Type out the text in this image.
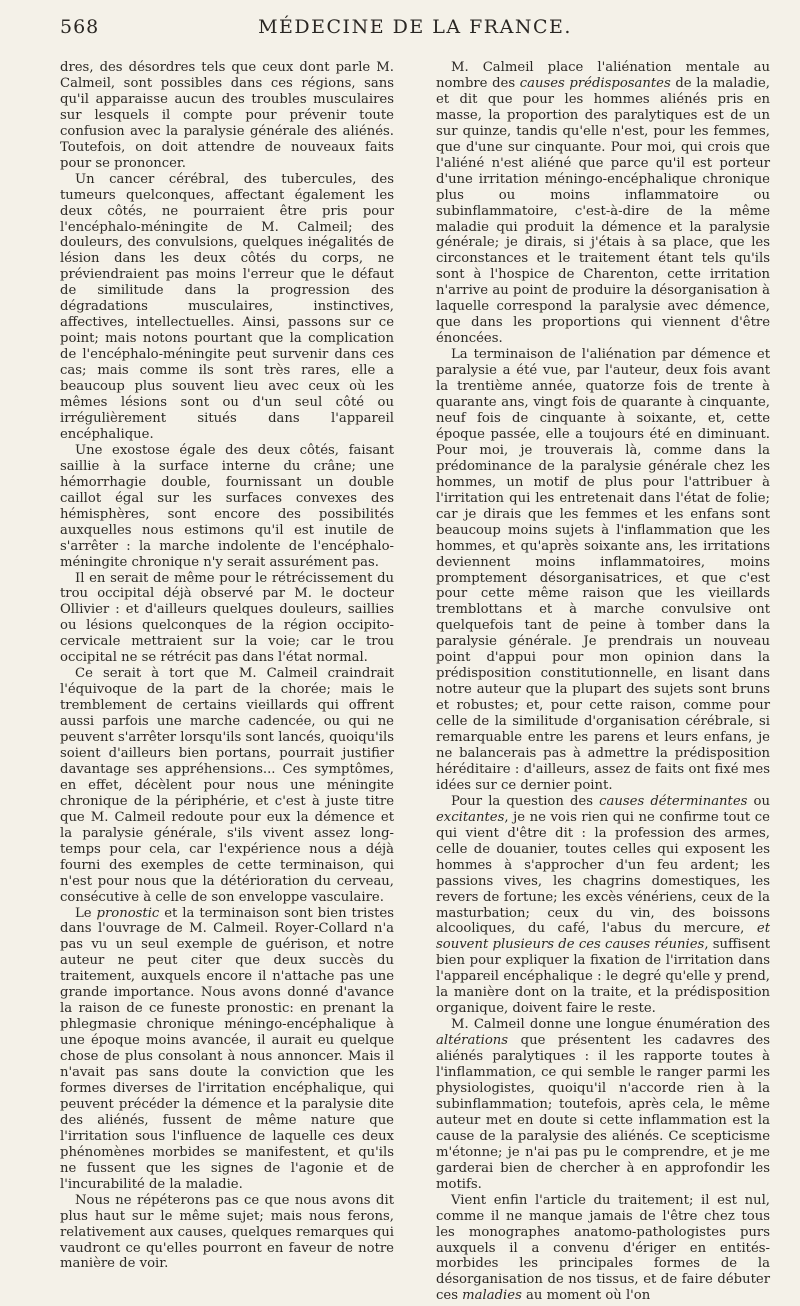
568	MÉDECINE DE LA FRANCE.

dres, des désordres tels que ceux dont parle M. Calmeil, sont possibles dans ces régions, sans qu'il apparaisse aucun des troubles musculaires sur lesquels il compte pour prévenir toute confusion avec la paralysie générale des aliénés. Toutefois, on doit attendre de nouveaux faits pour se prononcer.

Un cancer cérébral, des tubercules, des tumeurs quelconques, affectant également les deux côtés, ne pourraient être pris pour l'encéphalo-méningite de M. Calmeil; des douleurs, des convulsions, quelques inégalités de lésion dans les deux côtés du corps, ne préviendraient pas moins l'erreur que le défaut de similitude dans la progression des dégradations musculaires, instinctives, affectives, intellectuelles. Ainsi, passons sur ce point; mais notons pourtant que la complication de l'encéphalo-méningite peut survenir dans ces cas; mais comme ils sont très rares, elle a beaucoup plus souvent lieu avec ceux où les mêmes lésions sont ou d'un seul côté ou irrégulièrement situés dans l'appareil encéphalique.

Une exostose égale des deux côtés, faisant saillie à la surface interne du crâne; une hémorrhagie double, fournissant un double caillot égal sur les surfaces convexes des hémisphères, sont encore des possibilités auxquelles nous estimons qu'il est inutile de s'arrêter : la marche indolente de l'encéphalo-méningite chronique n'y serait assurément pas.

Il en serait de même pour le rétrécissement du trou occipital déjà observé par M. le docteur Ollivier : et d'ailleurs quelques douleurs, saillies ou lésions quelconques de la région occipito-cervicale mettraient sur la voie; car le trou occipital ne se rétrécit pas dans l'état normal.

Ce serait à tort que M. Calmeil craindrait l'équivoque de la part de la chorée; mais le tremblement de certains vieillards qui offrent aussi parfois une marche cadencée, ou qui ne peuvent s'arrêter lorsqu'ils sont lancés, quoiqu'ils soient d'ailleurs bien portans, pourrait justifier davantage ses appréhensions... Ces symptômes, en effet, décèlent pour nous une méningite chronique de la périphérie, et c'est à juste titre que M. Calmeil redoute pour eux la démence et la paralysie générale, s'ils vivent assez long-temps pour cela, car l'expérience nous a déjà fourni des exemples de cette terminaison, qui n'est pour nous que la détérioration du cerveau, consécutive à celle de son enveloppe vasculaire.

Le pronostic et la terminaison sont bien tristes dans l'ouvrage de M. Calmeil. Royer-Collard n'a pas vu un seul exemple de guérison, et notre auteur ne peut citer que deux succès du traitement, auxquels encore il n'attache pas une grande importance. Nous avons donné d'avance la raison de ce funeste pronostic: en prenant la phlegmasie chronique méningo-encéphalique à une époque moins avancée, il aurait eu quelque chose de plus consolant à nous annoncer. Mais il n'avait pas sans doute la conviction que les formes diverses de l'irritation encéphalique, qui peuvent précéder la démence et la paralysie dite des aliénés, fussent de même nature que l'irritation sous l'influence de laquelle ces deux phénomènes morbides se manifestent, et qu'ils ne fussent que les signes de l'agonie et de l'incurabilité de la maladie.

Nous ne répéterons pas ce que nous avons dit plus haut sur le même sujet; mais nous ferons, relativement aux causes, quelques remarques qui vaudront ce qu'elles pourront en faveur de notre manière de voir.

M. Calmeil place l'aliénation mentale au nombre des causes prédisposantes de la maladie, et dit que pour les hommes aliénés pris en masse, la proportion des paralytiques est de un sur quinze, tandis qu'elle n'est, pour les femmes, que d'une sur cinquante. Pour moi, qui crois que l'aliéné n'est aliéné que parce qu'il est porteur d'une irritation méningo-encéphalique chronique plus ou moins inflammatoire ou subinflammatoire, c'est-à-dire de la même maladie qui produit la démence et la paralysie générale; je dirais, si j'étais à sa place, que les circonstances et le traitement étant tels qu'ils sont à l'hospice de Charenton, cette irritation n'arrive au point de produire la désorganisation à laquelle correspond la paralysie avec démence, que dans les proportions qui viennent d'être énoncées.

La terminaison de l'aliénation par démence et paralysie a été vue, par l'auteur, deux fois avant la trentième année, quatorze fois de trente à quarante ans, vingt fois de quarante à cinquante, neuf fois de cinquante à soixante, et, cette époque passée, elle a toujours été en diminuant. Pour moi, je trouverais là, comme dans la prédominance de la paralysie générale chez les hommes, un motif de plus pour l'attribuer à l'irritation qui les entretenait dans l'état de folie; car je dirais que les femmes et les enfans sont beaucoup moins sujets à l'inflammation que les hommes, et qu'après soixante ans, les irritations deviennent moins inflammatoires, moins promptement désorganisatrices, et que c'est pour cette même raison que les vieillards tremblottans et à marche convulsive ont quelquefois tant de peine à tomber dans la paralysie générale. Je prendrais un nouveau point d'appui pour mon opinion dans la prédisposition constitutionnelle, en lisant dans notre auteur que la plupart des sujets sont bruns et robustes; et, pour cette raison, comme pour celle de la similitude d'organisation cérébrale, si remarquable entre les parens et leurs enfans, je ne balancerais pas à admettre la prédisposition héréditaire : d'ailleurs, assez de faits ont fixé mes idées sur ce dernier point.

Pour la question des causes déterminantes ou excitantes, je ne vois rien qui ne confirme tout ce qui vient d'être dit : la profession des armes, celle de douanier, toutes celles qui exposent les hommes à s'approcher d'un feu ardent; les passions vives, les chagrins domestiques, les revers de fortune; les excès vénériens, ceux de la masturbation; ceux du vin, des boissons alcooliques, du café, l'abus du mercure, et souvent plusieurs de ces causes réunies, suffisent bien pour expliquer la fixation de l'irritation dans l'appareil encéphalique : le degré qu'elle y prend, la manière dont on la traite, et la prédisposition organique, doivent faire le reste.

M. Calmeil donne une longue énumération des altérations que présentent les cadavres des aliénés paralytiques : il les rapporte toutes à l'inflammation, ce qui semble le ranger parmi les physiologistes, quoiqu'il n'accorde rien à la subinflammation; toutefois, après cela, le même auteur met en doute si cette inflammation est la cause de la paralysie des aliénés. Ce scepticisme m'étonne; je n'ai pas pu le comprendre, et je me garderai bien de chercher à en approfondir les motifs.

Vient enfin l'article du traitement; il est nul, comme il ne manque jamais de l'être chez tous les monographes anatomo-pathologistes purs auxquels il a convenu d'ériger en entités-morbides les principales formes de la désorganisation de nos tissus, et de faire débuter ces maladies au moment où l'on
